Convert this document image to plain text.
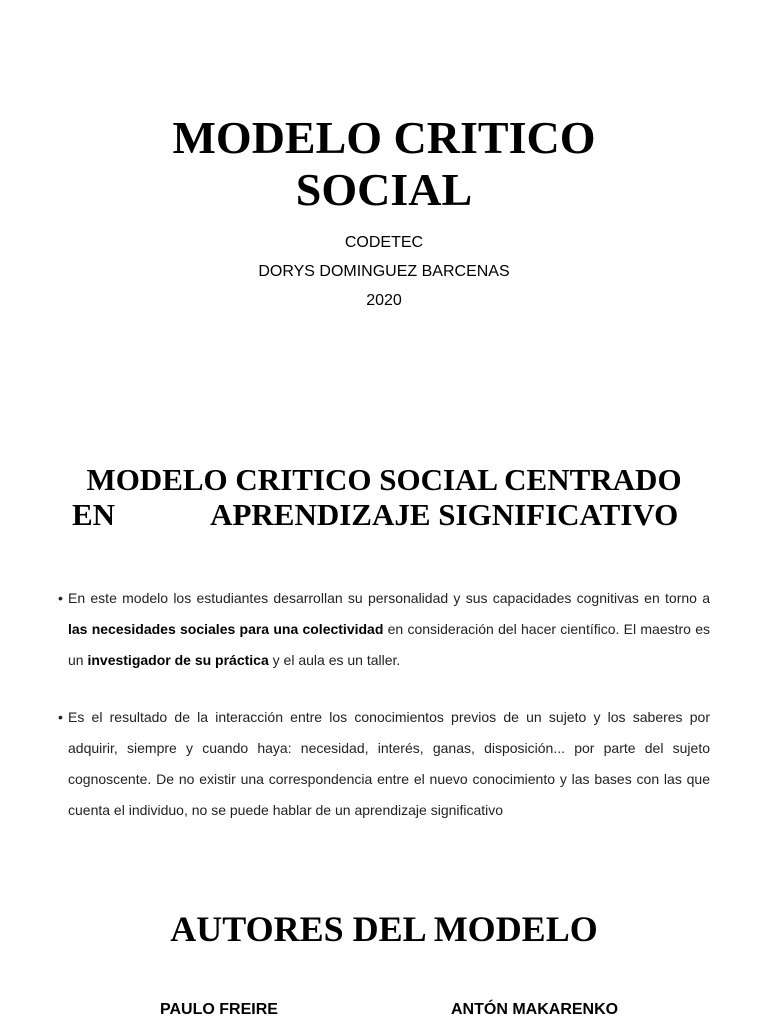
MODELO CRITICO
SOCIAL
CODETEC
DORYS DOMINGUEZ BARCENAS
2020
MODELO CRITICO SOCIAL CENTRADO
EN	APRENDIZAJE SIGNIFICATIVO
• En este modelo los estudiantes desarrollan su personalidad y sus capacidades cognitivas en torno a las necesidades sociales para una colectividad en consideración del hacer científico. El maestro es un investigador de su práctica y el aula es un taller.
• Es el resultado de la interacción entre los conocimientos previos de un sujeto y los saberes por adquirir, siempre y cuando haya: necesidad, interés, ganas, disposición... por parte del sujeto cognoscente. De no existir una correspondencia entre el nuevo conocimiento y las bases con las que cuenta el individuo, no se puede hablar de un aprendizaje significativo
AUTORES DEL MODELO
PAULO FREIRE	ANTÓN MAKARENKO
